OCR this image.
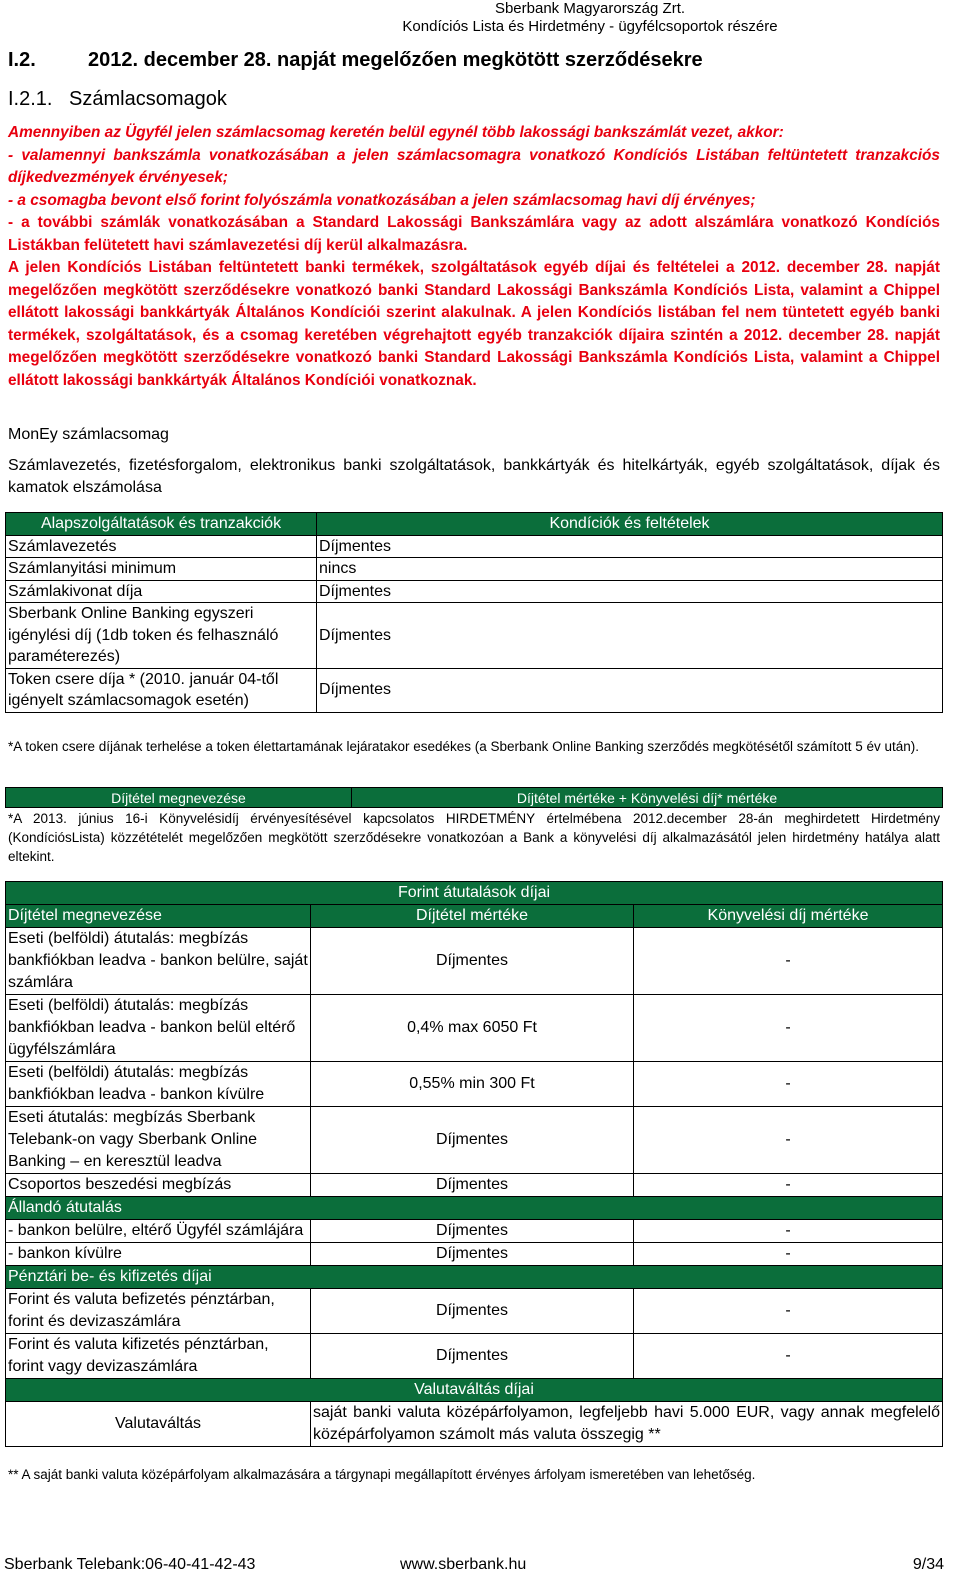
Sberbank Magyarország Zrt.
Kondíciós Lista és Hirdetmény - ügyfélcsoportok részére
I.2.	2012. december 28. napját megelőzően megkötött szerződésekre
I.2.1. Számlacsomagok

Amennyiben az Ügyfél jelen számlacsomag keretén belül egynél több lakossági bankszámlát vezet, akkor:

- valamennyi bankszámla vonatkozásában a jelen számlacsomagra vonatkozó Kondíciós Listában feltüntetett tranzakciós díjkedvezmények érvényesek;

- a csomagba bevont első forint folyószámla vonatkozásában a jelen számlacsomag havi díj érvényes;

- a további számlák vonatkozásában a Standard Lakossági Bankszámlára vagy az adott alszámlára vonatkozó Kondíciós Listákban felütetett havi számlavezetési díj kerül alkalmazásra.

A jelen Kondíciós Listában feltüntetett banki termékek, szolgáltatások egyéb díjai és feltételei a 2012. december 28. napját megelőzően megkötött szerződésekre vonatkozó banki Standard Lakossági Bankszámla Kondíciós Lista, valamint a Chippel ellátott lakossági bankkártyák Általános Kondíciói szerint alakulnak. A jelen Kondíciós listában fel nem tüntetett egyéb banki termékek, szolgáltatások, és a csomag keretében végrehajtott egyéb tranzakciók díjaira szintén a 2012. december 28. napját megelőzően megkötött szerződésekre vonatkozó banki Standard Lakossági Bankszámla Kondíciós Lista, valamint a Chippel ellátott lakossági bankkártyák Általános Kondíciói vonatkoznak.

MonEy számlacsomag
Számlavezetés, fizetésforgalom, elektronikus banki szolgáltatások, bankkártyák és hitelkártyák, egyéb szolgáltatások, díjak és kamatok elszámolása
Alapszolgáltatások és tranzakciók	Kondíciók és feltételek
Számlavezetés	Díjmentes
Számlanyitási minimum	nincs
Számlakivonat díja	Díjmentes
Sberbank Online Banking egyszeri igénylési díj (1db token és felhasználó paraméterezés)	Díjmentes
Token csere díja * (2010. január 04-től igényelt számlacsomagok esetén)	Díjmentes
*A token csere díjának terhelése a token élettartamának lejáratakor esedékes (a Sberbank Online Banking szerződés megkötésétől számított 5 év után).
Díjtétel megnevezése	Díjtétel mértéke + Könyvelési díj* mértéke
*A 2013. június 16-i Könyvelésidíj érvényesítésével kapcsolatos HIRDETMÉNY értelmébena 2012.december 28-án meghirdetett Hirdetmény (KondíciósLista) közzétételét megelőzően megkötött szerződésekre vonatkozóan a Bank a könyvelési díj alkalmazásától jelen hirdetmény hatálya alatt eltekint.
Forint átutalások díjai		
Díjtétel megnevezése	Díjtétel mértéke	Könyvelési díj mértéke
Eseti (belföldi) átutalás: megbízás bankfiókban leadva - bankon belülre, saját számlára	Díjmentes	-
Eseti (belföldi) átutalás: megbízás bankfiókban leadva - bankon belül eltérő ügyfélszámlára	0,4% max 6050 Ft	-
Eseti (belföldi) átutalás: megbízás bankfiókban leadva - bankon kívülre	0,55% min 300 Ft	-
Eseti átutalás: megbízás Sberbank Telebank-on vagy Sberbank Online Banking – en keresztül leadva	Díjmentes	-
Csoportos beszedési megbízás	Díjmentes	-
Állandó átutalás		
- bankon belülre, eltérő Ügyfél számlájára	Díjmentes	-
- bankon kívülre	Díjmentes	-
Pénztári be- és kifizetés díjai		
Forint és valuta befizetés pénztárban, forint és devizaszámlára	Díjmentes	-
Forint és valuta kifizetés pénztárban, forint vagy devizaszámlára	Díjmentes	-
Valutaváltás díjai		
Valutaváltás	saját banki valuta középárfolyamon, legfeljebb havi 5.000 EUR, vagy annak megfelelő középárfolyamon számolt más valuta összegig **	
** A saját banki valuta középárfolyam alkalmazására a tárgynapi megállapított érvényes árfolyam ismeretében van lehetőség.
Sberbank Telebank:06-40-41-42-43	www.sberbank.hu	9/34
